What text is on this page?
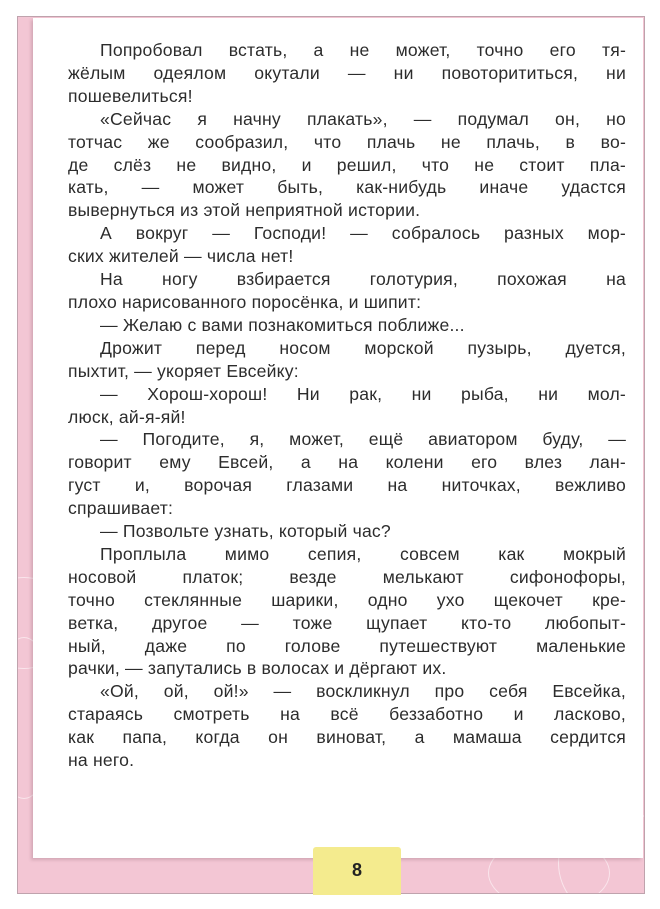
Попробовал встать, а не может, точно его тя-
жёлым одеялом окутали — ни повоторититься, ни
пошевелиться!
«Сейчас я начну плакать», — подумал он, но
тотчас же сообразил, что плачь не плачь, в во-
де слёз не видно, и решил, что не стоит пла-
кать, — может быть, как-нибудь иначе удастся
вывернуться из этой неприятной истории.
А вокруг — Господи! — собралось разных мор-
ских жителей — числа нет!
На ногу взбирается голотурия, похожая на
плохо нарисованного поросёнка, и шипит:
— Желаю с вами познакомиться поближе...
Дрожит перед носом морской пузырь, дуется,
пыхтит, — укоряет Евсейку:
— Хорош-хорош! Ни рак, ни рыба, ни мол-
люск, ай-я-яй!
— Погодите, я, может, ещё авиатором буду, —
говорит ему Евсей, а на колени его влез лан-
густ и, ворочая глазами на ниточках, вежливо
спрашивает:
— Позвольте узнать, который час?
Проплыла мимо сепия, совсем как мокрый
носовой платок; везде мелькают сифонофоры,
точно стеклянные шарики, одно ухо щекочет кре-
ветка, другое — тоже щупает кто-то любопыт-
ный, даже по голове путешествуют маленькие
рачки, — запутались в волосах и дёргают их.
«Ой, ой, ой!» — воскликнул про себя Евсейка,
стараясь смотреть на всё беззаботно и ласково,
как папа, когда он виноват, а мамаша сердится
на него.
8
